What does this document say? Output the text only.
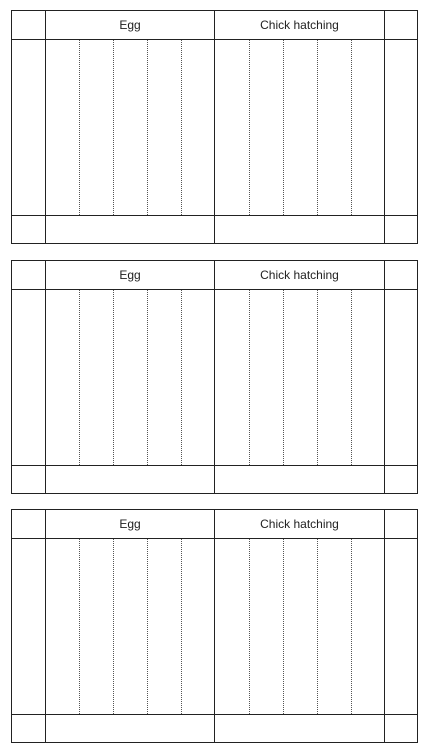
Egg	Chick hatching
Egg	Chick hatching
Egg	Chick hatching
